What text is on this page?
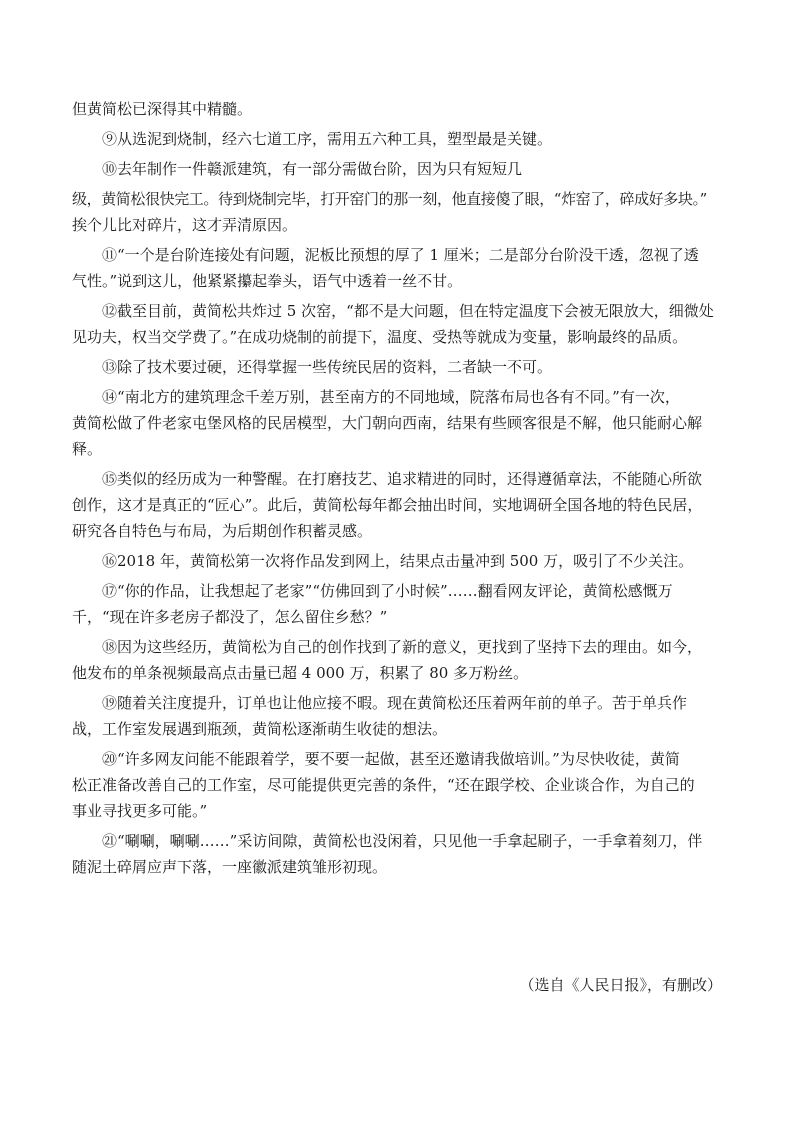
但黄简松已深得其中精髓。

⑨从选泥到烧制，经六七道工序，需用五六种工具，塑型最是关键。

⑩去年制作一件赣派建筑，有一部分需做台阶，因为只有短短几

级，黄简松很快完工。待到烧制完毕，打开窑门的那一刻，他直接傻了眼，“炸窑了，碎成好多块。”

挨个儿比对碎片，这才弄清原因。

⑪“一个是台阶连接处有问题，泥板比预想的厚了 1 厘米；二是部分台阶没干透，忽视了透

气性。”说到这儿，他紧紧攥起拳头，语气中透着一丝不甘。

⑫截至目前，黄简松共炸过 5 次窑，“都不是大问题，但在特定温度下会被无限放大，细微处

见功夫，权当交学费了。”在成功烧制的前提下，温度、受热等就成为变量，影响最终的品质。

⑬除了技术要过硬，还得掌握一些传统民居的资料，二者缺一不可。

⑭“南北方的建筑理念千差万别，甚至南方的不同地域，院落布局也各有不同。”有一次，

黄简松做了件老家屯堡风格的民居模型，大门朝向西南，结果有些顾客很是不解，他只能耐心解

释。

⑮类似的经历成为一种警醒。在打磨技艺、追求精进的同时，还得遵循章法，不能随心所欲

创作，这才是真正的“匠心”。此后，黄简松每年都会抽出时间，实地调研全国各地的特色民居，

研究各自特色与布局，为后期创作积蓄灵感。

⑯2018 年，黄简松第一次将作品发到网上，结果点击量冲到 500 万，吸引了不少关注。

⑰“你的作品，让我想起了老家”“仿佛回到了小时候”……翻看网友评论，黄简松感慨万

千，“现在许多老房子都没了，怎么留住乡愁？”

⑱因为这些经历，黄简松为自己的创作找到了新的意义，更找到了坚持下去的理由。如今，

他发布的单条视频最高点击量已超 4 000 万，积累了 80 多万粉丝。

⑲随着关注度提升，订单也让他应接不暇。现在黄简松还压着两年前的单子。苦于单兵作

战，工作室发展遇到瓶颈，黄简松逐渐萌生收徒的想法。

⑳“许多网友问能不能跟着学，要不要一起做，甚至还邀请我做培训。”为尽快收徒，黄简

松正准备改善自己的工作室，尽可能提供更完善的条件，“还在跟学校、企业谈合作，为自己的

事业寻找更多可能。”

㉑“唰唰，唰唰……”采访间隙，黄简松也没闲着，只见他一手拿起刷子，一手拿着刻刀，伴

随泥土碎屑应声下落，一座徽派建筑雏形初现。

（选自《人民日报》，有删改）
